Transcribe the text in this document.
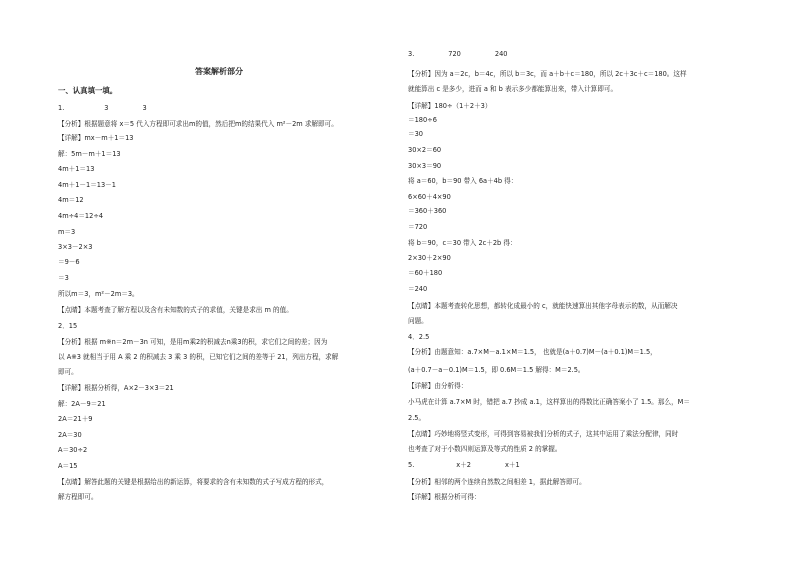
答案解析部分
一、认真填一填。
1.	3	3
【分析】根据题意将 x＝5 代入方程即可求出m的值，然后把m的结果代入 m²－2m 求解即可。
【详解】mx－m＋1＝13
解：5m－m＋1＝13
4m＋1＝13
4m＋1－1＝13－1
4m＝12
4m÷4＝12÷4
m＝3
3×3－2×3
＝9－6
＝3
所以m＝3，m²－2m＝3。
【点睛】本题考查了解方程以及含有未知数的式子的求值，关键是求出 m 的值。
2．15
【分析】根据 m※n＝2m－3n 可知，是用m乘2的积减去n乘3的积，求它们之间的差；因为
以 A※3 就相当于用 A 乘 2 的积减去 3 乘 3 的积，已知它们之间的差等于 21，列出方程，求解
即可。
【详解】根据分析得，A×2－3×3＝21
解：2A－9＝21
2A＝21＋9
2A＝30
A＝30÷2
A＝15
【点睛】解答此题的关键是根据给出的新运算，将要求的含有未知数的式子写成方程的形式，
解方程即可。
3.	720	240
【分析】因为 a＝2c，b＝4c，所以 b＝3c，而 a＋b＋c＝180，所以 2c＋3c＋c＝180。这样
就能算出 c 是多少，进而 a 和 b 表示多少都能算出来，带入计算即可。
【详解】180÷（1＋2＋3）
＝180÷6
＝30
30×2＝60
30×3＝90
将 a＝60，b＝90 带入 6a＋4b 得：
6×60＋4×90
＝360＋360
＝720
将 b＝90，c＝30 带入 2c＋2b 得：
2×30＋2×90
＝60＋180
＝240
【点睛】本题考查转化思想，都转化成最小的 c，就能快速算出其他字母表示的数，从而解决
问题。
4．2.5
【分析】由题意知：a.7×M－a.1×M＝1.5， 也就是(a＋0.7)M－(a＋0.1)M＝1.5，
(a＋0.7－a－0.1)M＝1.5，即 0.6M＝1.5 解得：M＝2.5。
【详解】由分析得：
小马虎在计算 a.7×M 时，错把 a.7 抄成 a.1，这样算出的得数比正确答案小了 1.5。那么，M＝
2.5。
【点睛】巧妙地将竖式变形，可得到容易被我们分析的式子，这其中运用了乘法分配律，同时
也考查了对于小数四则运算及等式的性质 2 的掌握。
5.	x＋2	x＋1
【分析】相邻的两个连续自然数之间相差 1，据此解答即可。
【详解】根据分析可得：
